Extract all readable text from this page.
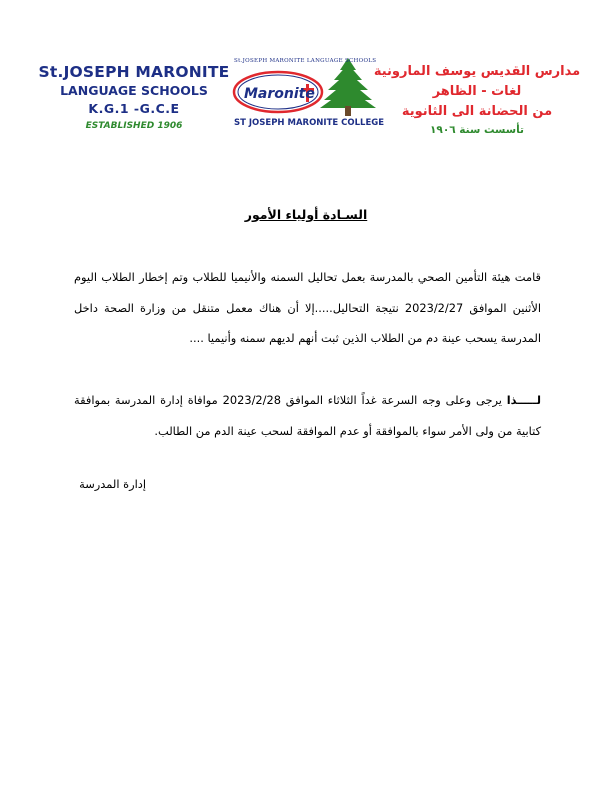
St.JOSEPH MARONITE
LANGUAGE SCHOOLS
K.G.1 -G.C.E
ESTABLISHED 1906
St.JOSEPH MARONITE LANGUAGE SCHOOLS
Maronite
ST JOSEPH MARONITE COLLEGE
مدارس القديس يوسف المارونية
لغات - الظاهر
من الحضانة الى الثانوية
تأسست سنة ١٩٠٦
السـادة أولياء الأمور
قامت هيئة التأمين الصحي بالمدرسة بعمل تحاليل السمنه والأنيميا للطلاب وتم إخطار الطلاب اليوم الأثنين الموافق 2023/2/27 نتيجة التحاليل.....إلا أن هناك معمل متنقل من وزارة الصحة داخل المدرسة يسحب عينة دم من الطلاب الذين ثبت أنهم لديهم سمنه وأنيميا ....
لـــــذا يرجى وعلى وجه السرعة غداً الثلاثاء الموافق 2023/2/28 موافاة إدارة المدرسة بموافقة كتابية من ولى الأمر سواء بالموافقة أو عدم الموافقة لسحب عينة الدم من الطالب.
إدارة المدرسة
